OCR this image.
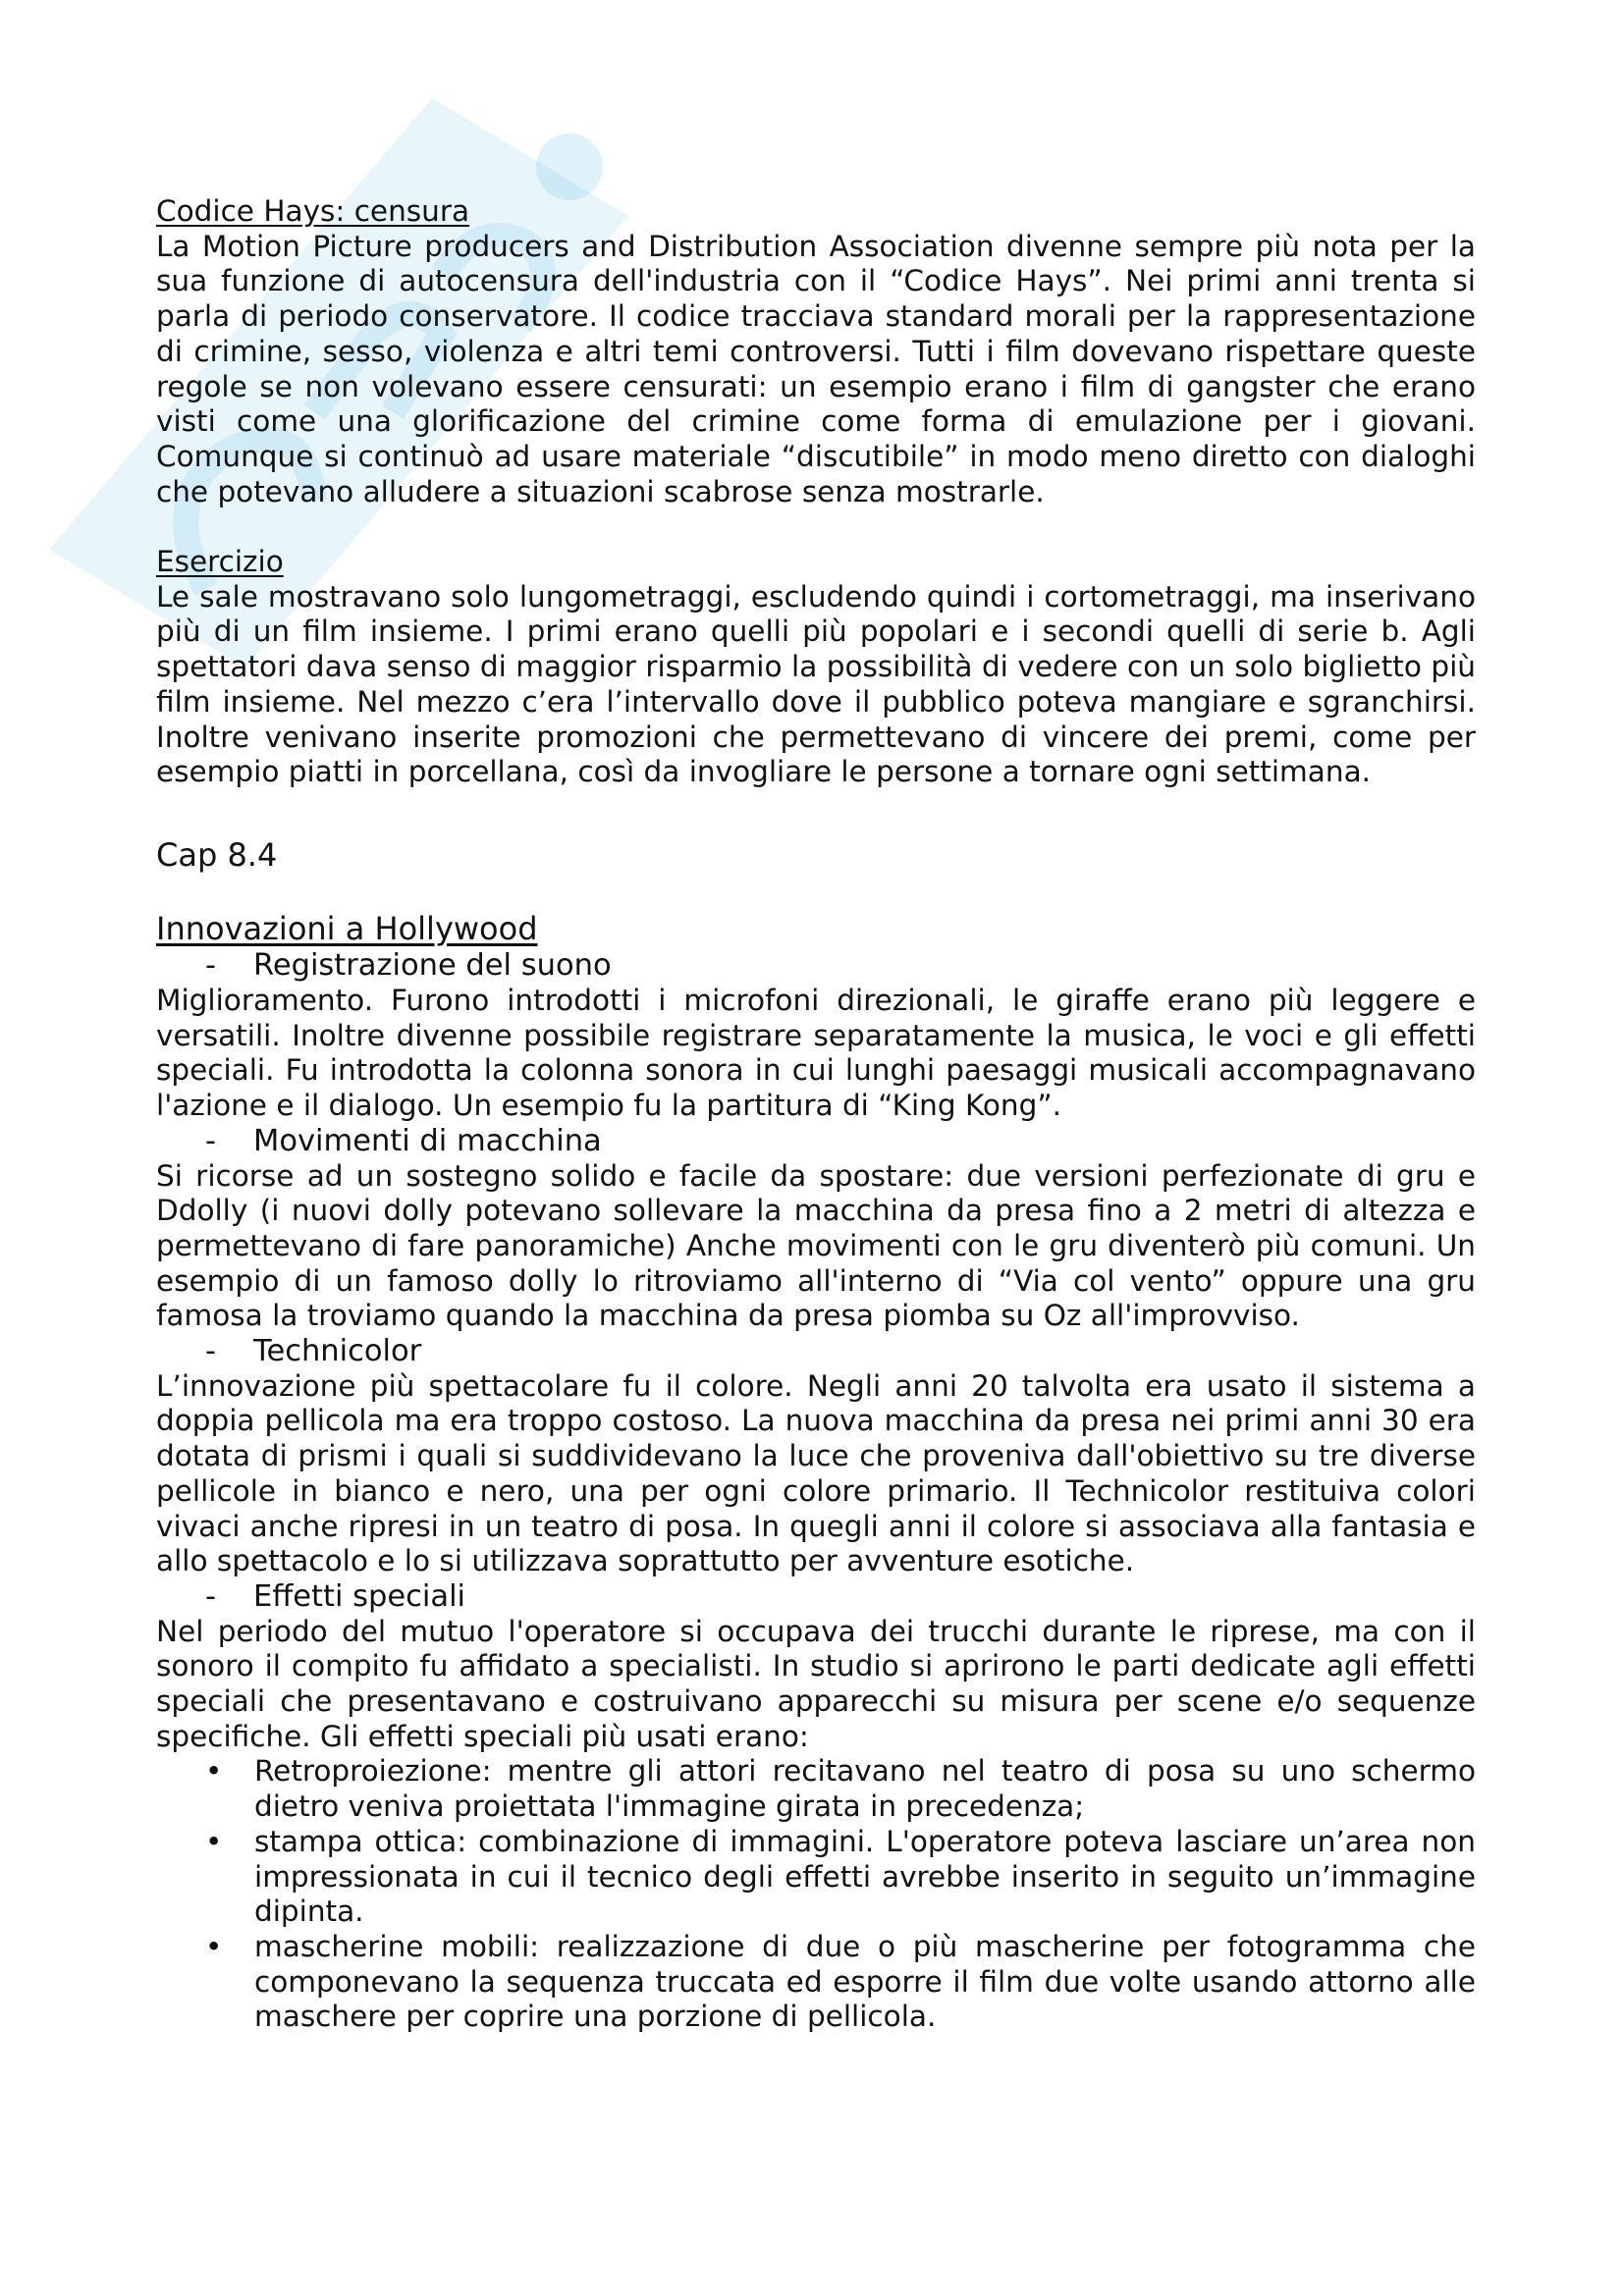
Codice Hays: censura

La Motion Picture producers and Distribution Association divenne sempre più nota per la sua funzione di autocensura dell'industria con il “Codice Hays”. Nei primi anni trenta si parla di periodo conservatore. Il codice tracciava standard morali per la rappresentazione di crimine, sesso, violenza e altri temi controversi. Tutti i film dovevano rispettare queste regole se non volevano essere censurati: un esempio erano i film di gangster che erano visti come una glorificazione del crimine come forma di emulazione per i giovani. Comunque si continuò ad usare materiale “discutibile” in modo meno diretto con dialoghi che potevano alludere a situazioni scabrose senza mostrarle.

Esercizio

Le sale mostravano solo lungometraggi, escludendo quindi i cortometraggi, ma inserivano più di un film insieme. I primi erano quelli più popolari e i secondi quelli di serie b. Agli spettatori dava senso di maggior risparmio la possibilità di vedere con un solo biglietto più film insieme. Nel mezzo c’era l’intervallo dove il pubblico poteva mangiare e sgranchirsi. Inoltre venivano inserite promozioni che permettevano di vincere dei premi, come per esempio piatti in porcellana, così da invogliare le persone a tornare ogni settimana.

Cap 8.4
Innovazioni a Hollywood
- Registrazione del suono

Miglioramento. Furono introdotti i microfoni direzionali, le giraffe erano più leggere e versatili. Inoltre divenne possibile registrare separatamente la musica, le voci e gli effetti speciali. Fu introdotta la colonna sonora in cui lunghi paesaggi musicali accompagnavano l'azione e il dialogo. Un esempio fu la partitura di “King Kong”.

- Movimenti di macchina

Si ricorse ad un sostegno solido e facile da spostare: due versioni perfezionate di gru e Ddolly (i nuovi dolly potevano sollevare la macchina da presa fino a 2 metri di altezza e permettevano di fare panoramiche) Anche movimenti con le gru diventerò più comuni. Un esempio di un famoso dolly lo ritroviamo all'interno di “Via col vento” oppure una gru famosa la troviamo quando la macchina da presa piomba su Oz all'improvviso.

- Technicolor

L’innovazione più spettacolare fu il colore. Negli anni 20 talvolta era usato il sistema a doppia pellicola ma era troppo costoso. La nuova macchina da presa nei primi anni 30 era dotata di prismi i quali si suddividevano la luce che proveniva dall'obiettivo su tre diverse pellicole in bianco e nero, una per ogni colore primario. Il Technicolor restituiva colori vivaci anche ripresi in un teatro di posa. In quegli anni il colore si associava alla fantasia e allo spettacolo e lo si utilizzava soprattutto per avventure esotiche.

- Effetti speciali

Nel periodo del mutuo l'operatore si occupava dei trucchi durante le riprese, ma con il sonoro il compito fu affidato a specialisti. In studio si aprirono le parti dedicate agli effetti speciali che presentavano e costruivano apparecchi su misura per scene e/o sequenze specifiche. Gli effetti speciali più usati erano:

• Retroproiezione: mentre gli attori recitavano nel teatro di posa su uno schermo dietro veniva proiettata l'immagine girata in precedenza;
• stampa ottica: combinazione di immagini. L'operatore poteva lasciare un’area non impressionata in cui il tecnico degli effetti avrebbe inserito in seguito un’immagine dipinta.
• mascherine mobili: realizzazione di due o più mascherine per fotogramma che componevano la sequenza truccata ed esporre il film due volte usando attorno alle maschere per coprire una porzione di pellicola.
